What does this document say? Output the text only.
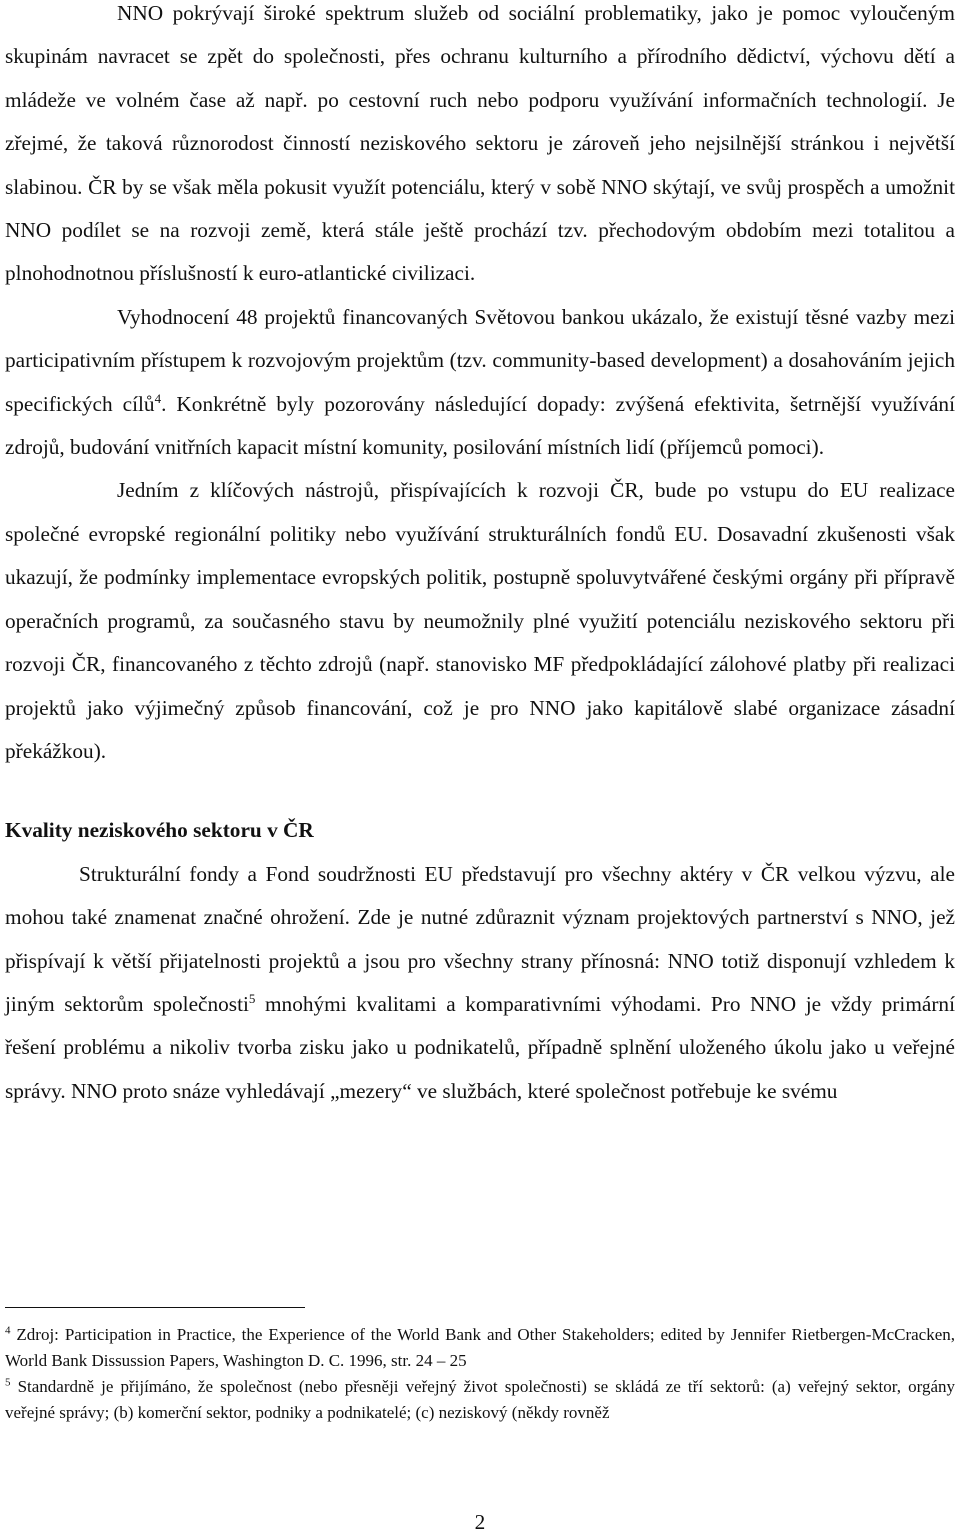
NNO pokrývají široké spektrum služeb od sociální problematiky, jako je pomoc vyloučeným skupinám navracet se zpět do společnosti, přes ochranu kulturního a přírodního dědictví, výchovu dětí a mládeže ve volném čase až např. po cestovní ruch nebo podporu využívání informačních technologií. Je zřejmé, že taková různorodost činností neziskového sektoru je zároveň jeho nejsilnější stránkou i největší slabinou. ČR by se však měla pokusit využít potenciálu, který v sobě NNO skýtají, ve svůj prospěch a umožnit NNO podílet se na rozvoji země, která stále ještě prochází tzv. přechodovým obdobím mezi totalitou a plnohodnotnou příslušností k euro-atlantické civilizaci.

Vyhodnocení 48 projektů financovaných Světovou bankou ukázalo, že existují těsné vazby mezi participativním přístupem k rozvojovým projektům (tzv. community-based development) a dosahováním jejich specifických cílů$^4$. Konkrétně byly pozorovány následující dopady: zvýšená efektivita, šetrnější využívání zdrojů, budování vnitřních kapacit místní komunity, posilování místních lidí (příjemců pomoci).

Jedním z klíčových nástrojů, přispívajících k rozvoji ČR, bude po vstupu do EU realizace společné evropské regionální politiky nebo využívání strukturálních fondů EU. Dosavadní zkušenosti však ukazují, že podmínky implementace evropských politik, postupně spoluvytvářené českými orgány při přípravě operačních programů, za současného stavu by neumožnily plné využití potenciálu neziskového sektoru při rozvoji ČR, financovaného z těchto zdrojů (např. stanovisko MF předpokládající zálohové platby při realizaci projektů jako výjimečný způsob financování, což je pro NNO jako kapitálově slabé organizace zásadní překážkou).

Kvality neziskového sektoru v ČR

Strukturální fondy a Fond soudržnosti EU představují pro všechny aktéry v ČR velkou výzvu, ale mohou také znamenat značné ohrožení. Zde je nutné zdůraznit význam projektových partnerství s NNO, jež přispívají k větší přijatelnosti projektů a jsou pro všechny strany přínosná: NNO totiž disponují vzhledem k jiným sektorům společnosti$^5$ mnohými kvalitami a komparativními výhodami. Pro NNO je vždy primární řešení problému a nikoliv tvorba zisku jako u podnikatelů, případně splnění uloženého úkolu jako u veřejné správy. NNO proto snáze vyhledávají „mezery“ ve službách, které společnost potřebuje ke svému

$^4$ Zdroj: Participation in Practice, the Experience of the World Bank and Other Stakeholders; edited by Jennifer Rietbergen-McCracken, World Bank Dissussion Papers, Washington D. C. 1996, str. 24 – 25

$^5$ Standardně je přijímáno, že společnost (nebo přesněji veřejný život společnosti) se skládá ze tří sektorů: (a) veřejný sektor, orgány veřejné správy; (b) komerční sektor, podniky a podnikatelé; (c) neziskový (někdy rovněž

2
